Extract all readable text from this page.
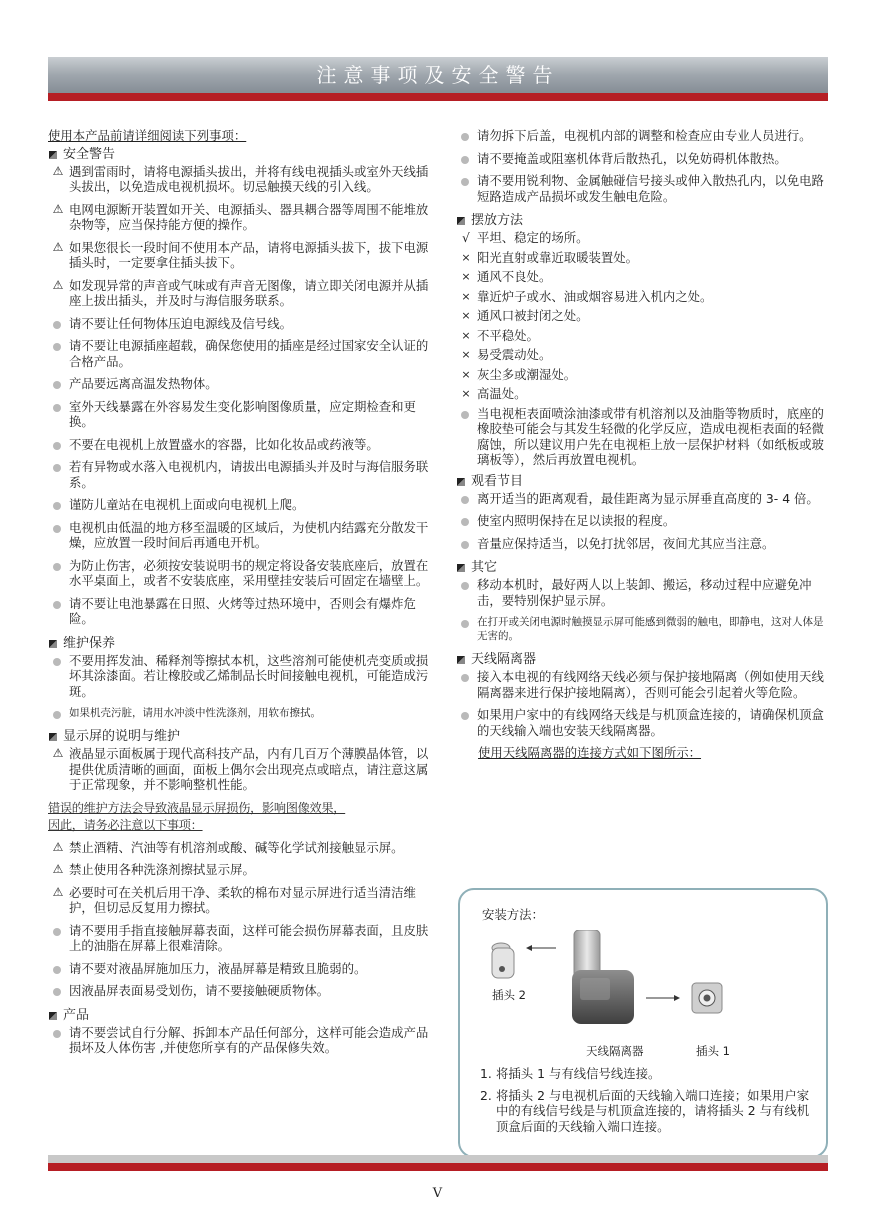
注意事项及安全警告
使用本产品前请详细阅读下列事项：
安全警告
⚠ 遇到雷雨时，请将电源插头拔出，并将有线电视插头或室外天线插头拔出，以免造成电视机损坏。切忌触摸天线的引入线。
⚠ 电网电源断开装置如开关、电源插头、器具耦合器等周围不能堆放杂物等，应当保持能方便的操作。
⚠ 如果您很长一段时间不使用本产品，请将电源插头拔下，拔下电源插头时，一定要拿住插头拔下。
⚠ 如发现异常的声音或气味或有声音无图像，请立即关闭电源并从插座上拔出插头，并及时与海信服务联系。
请不要让任何物体压迫电源线及信号线。
请不要让电源插座超载，确保您使用的插座是经过国家安全认证的合格产品。
产品要远离高温发热物体。
室外天线暴露在外容易发生变化影响图像质量，应定期检查和更换。
不要在电视机上放置盛水的容器，比如化妆品或药液等。
若有异物或水落入电视机内，请拔出电源插头并及时与海信服务联系。
谨防儿童站在电视机上面或向电视机上爬。
电视机由低温的地方移至温暖的区域后，为使机内结露充分散发干燥，应放置一段时间后再通电开机。
为防止伤害，必须按安装说明书的规定将设备安装底座后，放置在水平桌面上，或者不安装底座，采用壁挂安装后可固定在墙壁上。
请不要让电池暴露在日照、火烤等过热环境中，否则会有爆炸危险。
维护保养
不要用挥发油、稀释剂等擦拭本机，这些溶剂可能使机壳变质或损坏其涂漆面。若让橡胶或乙烯制品长时间接触电视机，可能造成污斑。
如果机壳污脏，请用水冲淡中性洗涤剂，用软布擦拭。
显示屏的说明与维护
⚠ 液晶显示面板属于现代高科技产品，内有几百万个薄膜晶体管，以提供优质清晰的画面，面板上偶尔会出现亮点或暗点，请注意这属于正常现象，并不影响整机性能。
错误的维护方法会导致液晶显示屏损伤，影响图像效果，
因此，请务必注意以下事项：
⚠ 禁止酒精、汽油等有机溶剂或酸、碱等化学试剂接触显示屏。
⚠ 禁止使用各种洗涤剂擦拭显示屏。
⚠ 必要时可在关机后用干净、柔软的棉布对显示屏进行适当清洁维护，但切忌反复用力擦拭。
请不要用手指直接触屏幕表面，这样可能会损伤屏幕表面，且皮肤上的油脂在屏幕上很难清除。
请不要对液晶屏施加压力，液晶屏幕是精致且脆弱的。
因液晶屏表面易受划伤，请不要接触硬质物体。
产品
请不要尝试自行分解、拆卸本产品任何部分，这样可能会造成产品损坏及人体伤害 ,并使您所享有的产品保修失效。
请勿拆下后盖，电视机内部的调整和检查应由专业人员进行。
请不要掩盖或阻塞机体背后散热孔，以免妨碍机体散热。
请不要用锐利物、金属触碰信号接头或伸入散热孔内，以免电路短路造成产品损坏或发生触电危险。
摆放方法
√ 平坦、稳定的场所。
× 阳光直射或靠近取暖装置处。
× 通风不良处。
× 靠近炉子或水、油或烟容易进入机内之处。
× 通风口被封闭之处。
× 不平稳处。
× 易受震动处。
× 灰尘多或潮湿处。
× 高温处。
当电视柜表面喷涂油漆或带有机溶剂以及油脂等物质时，底座的橡胶垫可能会与其发生轻微的化学反应，造成电视柜表面的轻微腐蚀，所以建议用户先在电视柜上放一层保护材料（如纸板或玻璃板等），然后再放置电视机。
观看节目
离开适当的距离观看，最佳距离为显示屏垂直高度的 3- 4 倍。
使室内照明保持在足以读报的程度。
音量应保持适当，以免打扰邻居，夜间尤其应当注意。
其它
移动本机时，最好两人以上装卸、搬运，移动过程中应避免冲击，要特别保护显示屏。
在打开或关闭电源时触摸显示屏可能感到微弱的触电，即静电，这对人体是无害的。
天线隔离器
接入本电视的有线网络天线必须与保护接地隔离（例如使用天线隔离器来进行保护接地隔离），否则可能会引起着火等危险。
如果用户家中的有线网络天线是与机顶盒连接的，请确保机顶盒的天线输入端也安装天线隔离器。
使用天线隔离器的连接方式如下图所示：
安装方法：
插头 2
天线隔离器	插头 1
1. 将插头 1 与有线信号线连接。
2. 将插头 2 与电视机后面的天线输入端口连接；如果用户家中的有线信号线是与机顶盒连接的，请将插头 2 与有线机顶盒后面的天线输入端口连接。
V
